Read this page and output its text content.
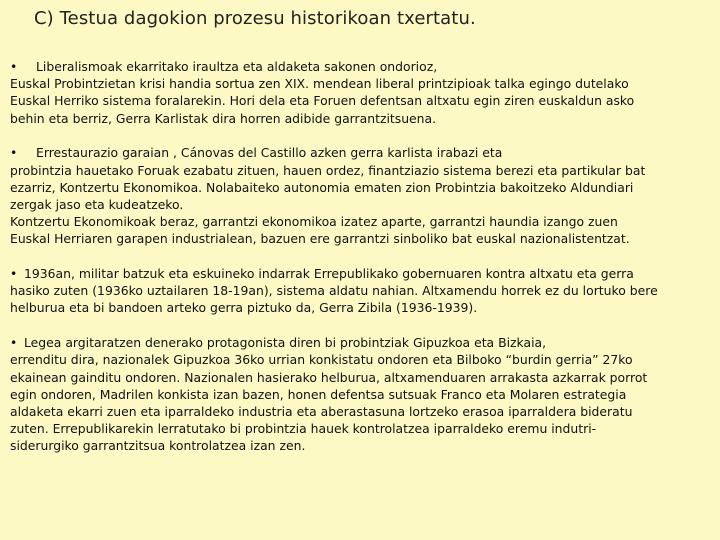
C) Testua dagokion prozesu historikoan txertatu.
• Liberalismoak ekarritako iraultza eta aldaketa sakonen ondorioz,
Euskal Probintzietan krisi handia sortua zen XIX. mendean liberal printzipioak talka egingo dutelako
Euskal Herriko sistema foralarekin. Hori dela eta Foruen defentsan altxatu egin ziren euskaldun asko
behin eta berriz, Gerra Karlistak dira horren adibide garrantzitsuena.
• Errestaurazio garaian , Cánovas del Castillo azken gerra karlista irabazi eta
probintzia hauetako Foruak ezabatu zituen, hauen ordez, finantziazio sistema berezi eta partikular bat
ezarriz, Kontzertu Ekonomikoa. Nolabaiteko autonomia ematen zion Probintzia bakoitzeko Aldundiari
zergak jaso eta kudeatzeko.
Kontzertu Ekonomikoak beraz, garrantzi ekonomikoa izatez aparte, garrantzi haundia izango zuen
Euskal Herriaren garapen industrialean, bazuen ere garrantzi sinboliko bat euskal nazionalistentzat.
• 1936an, militar batzuk eta eskuineko indarrak Errepublikako gobernuaren kontra altxatu eta gerra
hasiko zuten (1936ko uztailaren 18-19an), sistema aldatu nahian. Altxamendu horrek ez du lortuko bere
helburua eta bi bandoen arteko gerra piztuko da, Gerra Zibila (1936-1939).
• Legea argitaratzen denerako protagonista diren bi probintziak Gipuzkoa eta Bizkaia,
errenditu dira, nazionalek Gipuzkoa 36ko urrian konkistatu ondoren eta Bilboko “burdin gerria” 27ko
ekainean gainditu ondoren. Nazionalen hasierako helburua, altxamenduaren arrakasta azkarrak porrot
egin ondoren, Madrilen konkista izan bazen, honen defentsa sutsuak Franco eta Molaren estrategia
aldaketa ekarri zuen eta iparraldeko industria eta aberastasuna lortzeko erasoa iparraldera bideratu
zuten. Errepublikarekin lerratutako bi probintzia hauek kontrolatzea iparraldeko eremu indutri-
siderurgiko garrantzitsua kontrolatzea izan zen.
